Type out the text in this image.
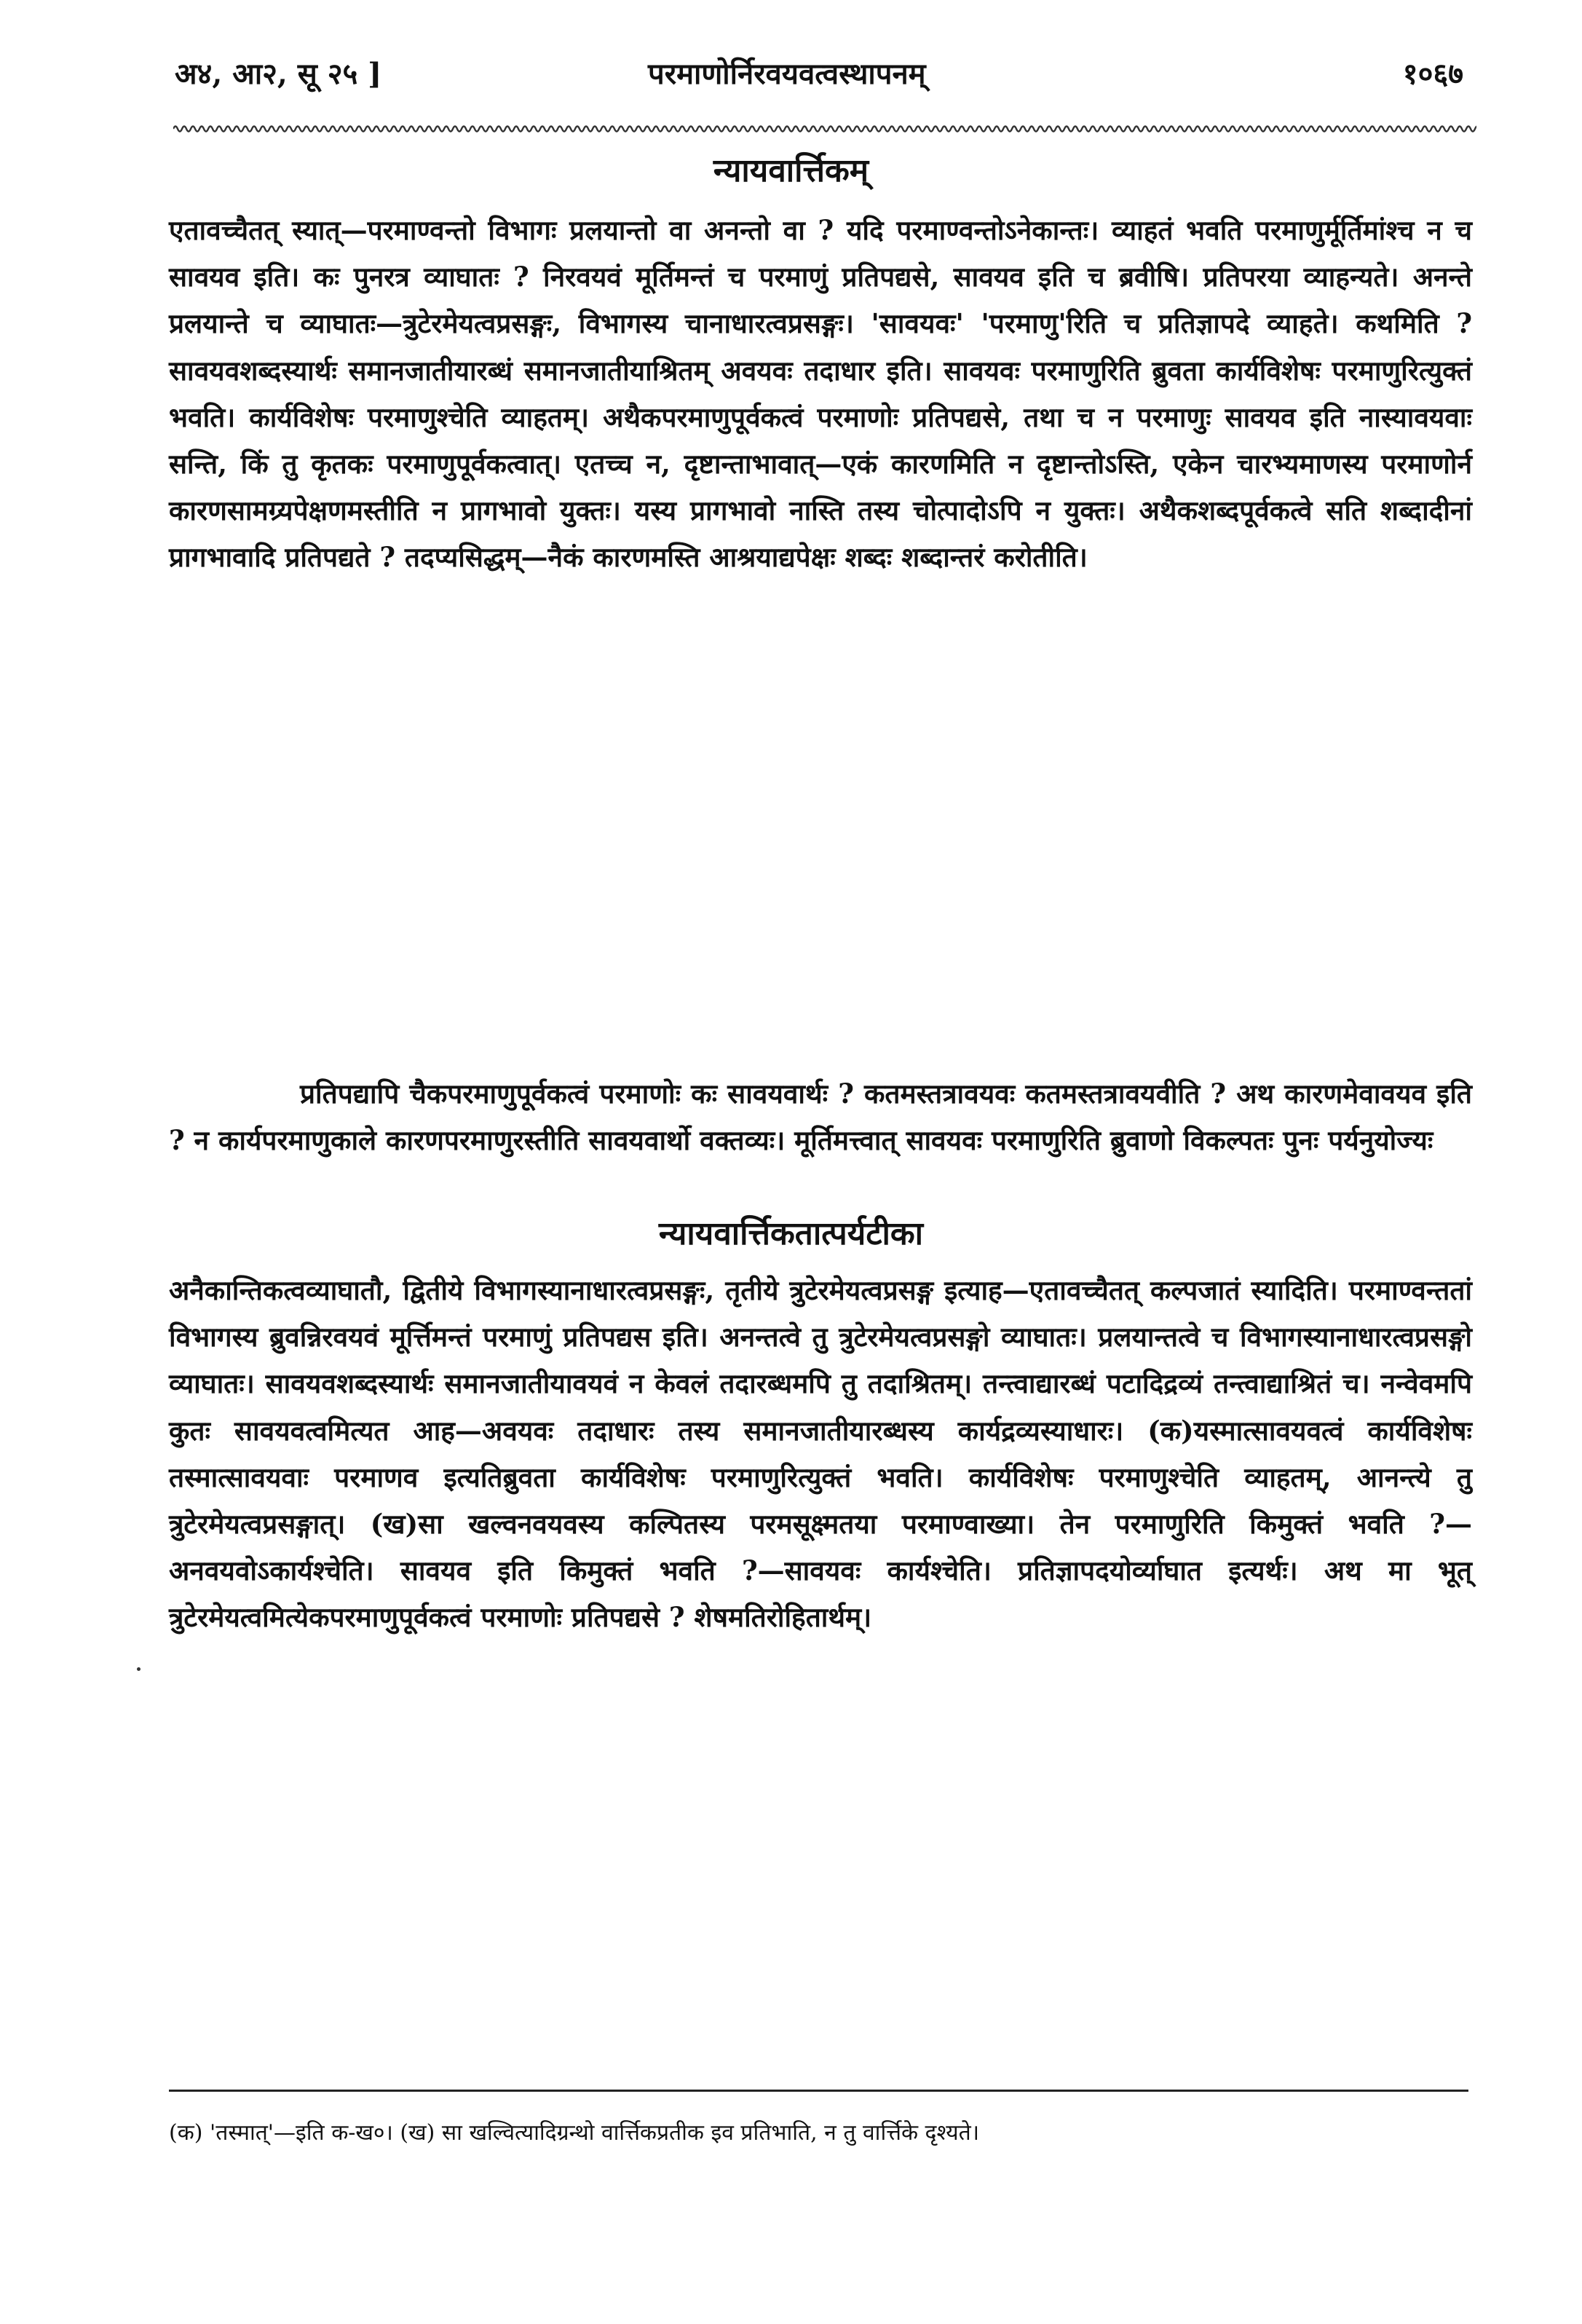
अ४, आ२, सू २५ ]	परमाणोर्निरवयवत्वस्थापनम्	१०६७
न्यायवार्त्तिकम्

एतावच्चैतत् स्यात्—परमाण्वन्तो विभागः प्रलयान्तो वा अनन्तो वा ? यदि परमाण्वन्तोऽनेकान्तः। व्याहतं भवति परमाणुर्मूर्तिमांश्च न च सावयव इति। कः पुनरत्र व्याघातः ? निरवयवं मूर्तिमन्तं च परमाणुं प्रतिपद्यसे, सावयव इति च ब्रवीषि। प्रतिपरया व्याहन्यते। अनन्ते प्रलयान्ते च व्याघातः—त्रुटेरमेयत्वप्रसङ्गः, विभागस्य चानाधारत्वप्रसङ्गः। 'सावयवः' 'परमाणु'रिति च प्रतिज्ञापदे व्याहते। कथमिति ? सावयवशब्दस्यार्थः समानजातीयारब्धं समानजातीयाश्रितम् अवयवः तदाधार इति। सावयवः परमाणुरिति ब्रुवता कार्यविशेषः परमाणुरित्युक्तं भवति। कार्यविशेषः परमाणुश्चेति व्याहतम्। अथैकपरमाणुपूर्वकत्वं परमाणोः प्रतिपद्यसे, तथा च न परमाणुः सावयव इति नास्यावयवाः सन्ति, किं तु कृतकः परमाणुपूर्वकत्वात्। एतच्च न, दृष्टान्ताभावात्—एकं कारणमिति न दृष्टान्तोऽस्ति, एकेन चारभ्यमाणस्य परमाणोर्न कारणसामग्र्यपेक्षणमस्तीति न प्रागभावो युक्तः। यस्य प्रागभावो नास्ति तस्य चोत्पादोऽपि न युक्तः। अथैकशब्दपूर्वकत्वे सति शब्दादीनां प्रागभावादि प्रतिपद्यते ? तदप्यसिद्धम्—नैकं कारणमस्ति आश्रयाद्यपेक्षः शब्दः शब्दान्तरं करोतीति।

प्रतिपद्यापि चैकपरमाणुपूर्वकत्वं परमाणोः कः सावयवार्थः ? कतमस्तत्रावयवः कतमस्तत्रावयवीति ? अथ कारणमेवावयव इति ? न कार्यपरमाणुकाले कारणपरमाणुरस्तीति सावयवार्थो वक्तव्यः। मूर्तिमत्त्वात् सावयवः परमाणुरिति ब्रुवाणो विकल्पतः पुनः पर्यनुयोज्यः

न्यायवार्त्तिकतात्पर्यटीका

अनैकान्तिकत्वव्याघातौ, द्वितीये विभागस्यानाधारत्वप्रसङ्गः, तृतीये त्रुटेरमेयत्वप्रसङ्ग इत्याह—एतावच्चैतत् कल्पजातं स्यादिति। परमाण्वन्ततां विभागस्य ब्रुवन्निरवयवं मूर्त्तिमन्तं परमाणुं प्रतिपद्यस इति। अनन्तत्वे तु त्रुटेरमेयत्वप्रसङ्गो व्याघातः। प्रलयान्तत्वे च विभागस्यानाधारत्वप्रसङ्गो व्याघातः। सावयवशब्दस्यार्थः समानजातीयावयवं न केवलं तदारब्धमपि तु तदाश्रितम्। तन्त्वाद्यारब्धं पटादिद्रव्यं तन्त्वाद्याश्रितं च। नन्वेवमपि कुतः सावयवत्वमित्यत आह—अवयवः तदाधारः तस्य समानजातीयारब्धस्य कार्यद्रव्यस्याधारः। (क)यस्मात्सावयवत्वं कार्यविशेषः तस्मात्सावयवाः परमाणव इत्यतिब्रुवता कार्यविशेषः परमाणुरित्युक्तं भवति। कार्यविशेषः परमाणुश्चेति व्याहतम्, आनन्त्ये तु त्रुटेरमेयत्वप्रसङ्गात्। (ख)सा खल्वनवयवस्य कल्पितस्य परमसूक्ष्मतया परमाण्वाख्या। तेन परमाणुरिति किमुक्तं भवति ?—अनवयवोऽकार्यश्चेति। सावयव इति किमुक्तं भवति ?—सावयवः कार्यश्चेति। प्रतिज्ञापदयोर्व्याघात इत्यर्थः। अथ मा भूत् त्रुटेरमेयत्वमित्येकपरमाणुपूर्वकत्वं परमाणोः प्रतिपद्यसे ? शेषमतिरोहितार्थम्।

(क) 'तस्मात्'—इति क-ख०। (ख) सा खल्वित्यादिग्रन्थो वार्त्तिकप्रतीक इव प्रतिभाति, न तु वार्त्तिके दृश्यते।
